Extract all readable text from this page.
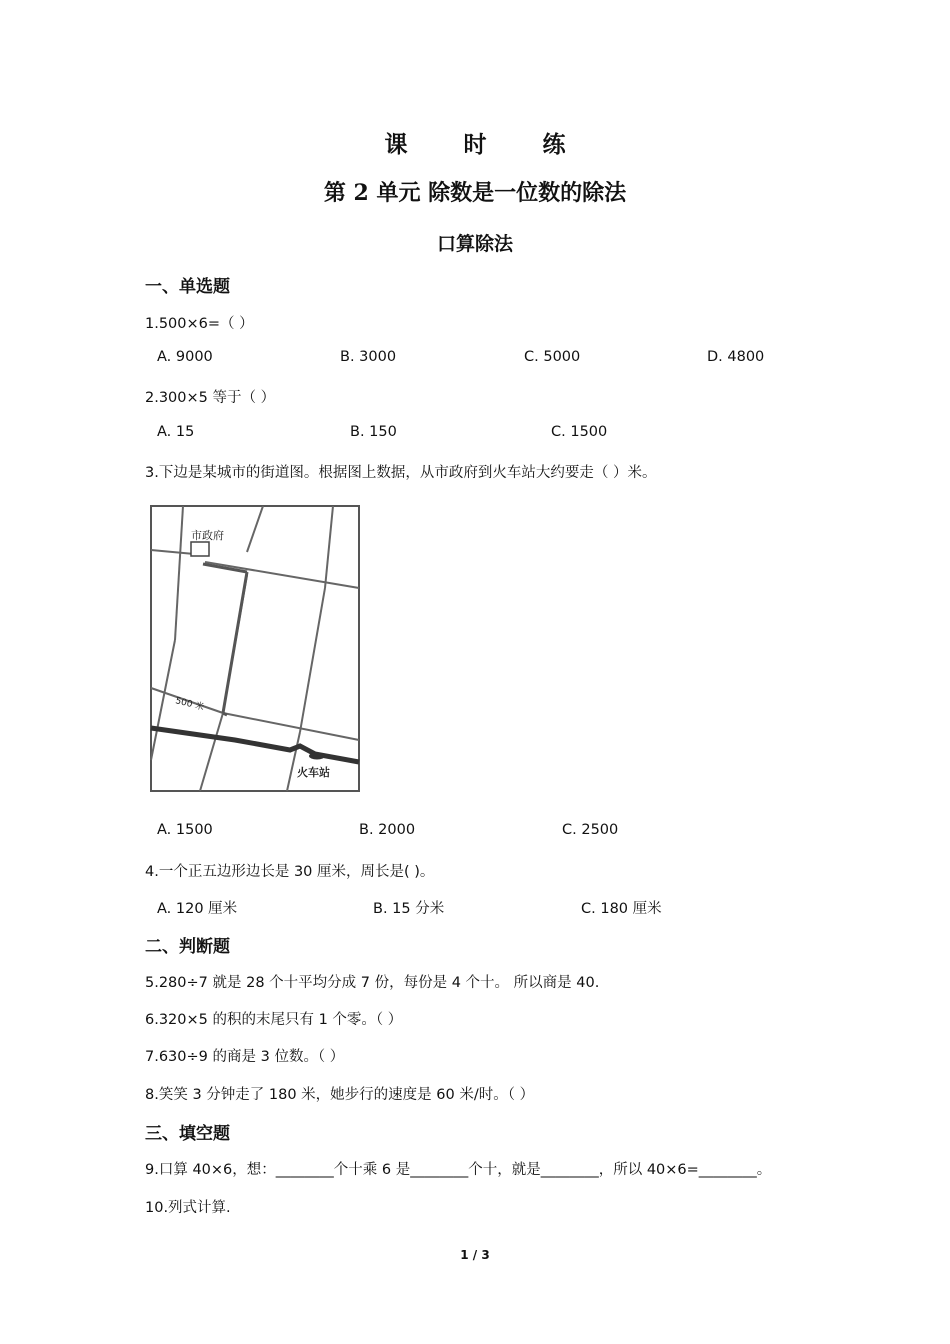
课 时 练
第 2 单元 除数是一位数的除法
口算除法
一、单选题
1.500×6=（ ）
A. 9000	B. 3000	C. 5000	D. 4800
2.300×5 等于（ ）
A. 15	B. 150	C. 1500
3.下边是某城市的街道图。根据图上数据，从市政府到火车站大约要走（ ）米。
市政府
500 米
火车站
A. 1500	B. 2000	C. 2500
4.一个正五边形边长是 30 厘米，周长是( )。
A. 120 厘米	B. 15 分米	C. 180 厘米
二、判断题
5.280÷7 就是 28 个十平均分成 7 份，每份是 4 个十。 所以商是 40.
6.320×5 的积的末尾只有 1 个零。（ ）
7.630÷9 的商是 3 位数。（ ）
8.笑笑 3 分钟走了 180 米，她步行的速度是 60 米/时。（ ）
三、填空题
9.口算 40×6，想：________个十乘 6 是________个十，就是________，所以 40×6=________。
10.列式计算.
1 / 3
